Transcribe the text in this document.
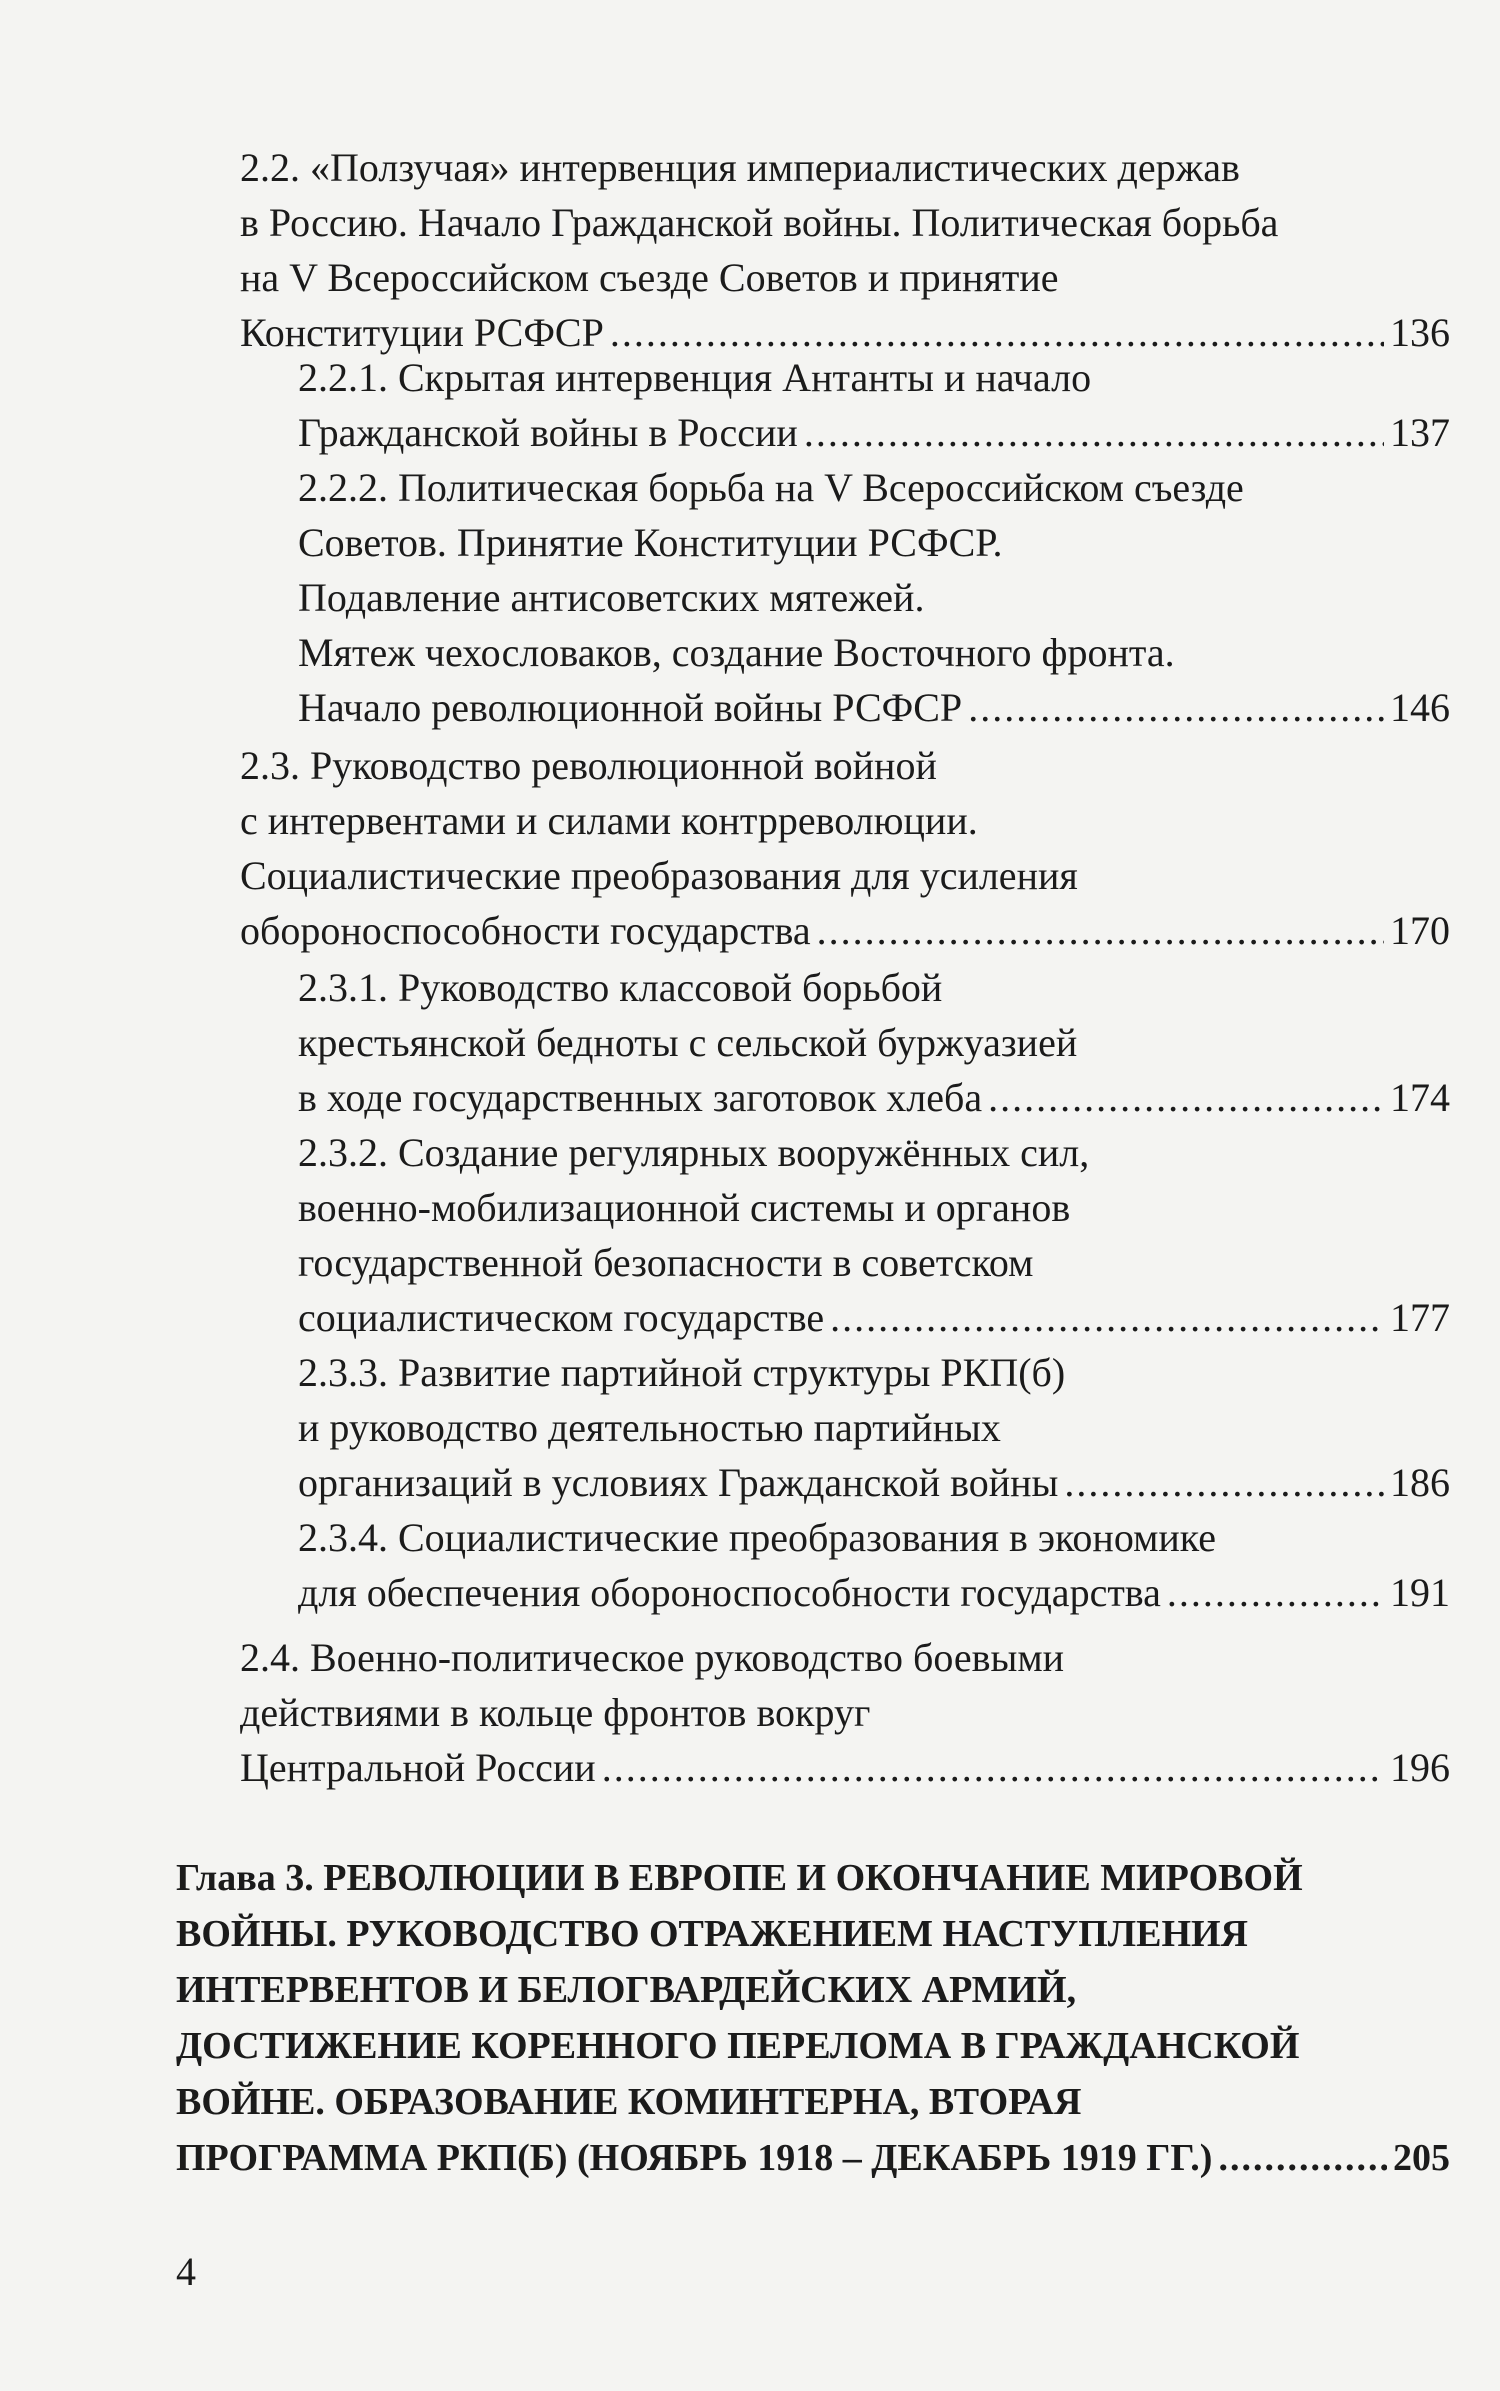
2.2. «Ползучая» интервенция империалистических держав
в Россию. Начало Гражданской войны. Политическая борьба
на V Всероссийском съезде Советов и принятие
Конституции РСФСР .....	136
2.2.1. Скрытая интервенция Антанты и начало
Гражданской войны в России .....	137
2.2.2. Политическая борьба на V Всероссийском съезде
Советов. Принятие Конституции РСФСР.
Подавление антисоветских мятежей.
Мятеж чехословаков, создание Восточного фронта.
Начало революционной войны РСФСР .....	146
2.3. Руководство революционной войной
с интервентами и силами контрреволюции.
Социалистические преобразования для усиления
обороноспособности государства .....	170
2.3.1. Руководство классовой борьбой
крестьянской бедноты с сельской буржуазией
в ходе государственных заготовок хлеба .....	174
2.3.2. Создание регулярных вооружённых сил,
военно-мобилизационной системы и органов
государственной безопасности в советском
социалистическом государстве .....	177
2.3.3. Развитие партийной структуры РКП(б)
и руководство деятельностью партийных
организаций в условиях Гражданской войны .....	186
2.3.4. Социалистические преобразования в экономике
для обеспечения обороноспособности государства .....	191
2.4. Военно-политическое руководство боевыми
действиями в кольце фронтов вокруг
Центральной России .....	196
Глава 3. РЕВОЛЮЦИИ В ЕВРОПЕ И ОКОНЧАНИЕ МИРОВОЙ
ВОЙНЫ. РУКОВОДСТВО ОТРАЖЕНИЕМ НАСТУПЛЕНИЯ
ИНТЕРВЕНТОВ И БЕЛОГВАРДЕЙСКИХ АРМИЙ,
ДОСТИЖЕНИЕ КОРЕННОГО ПЕРЕЛОМА В ГРАЖДАНСКОЙ
ВОЙНЕ. ОБРАЗОВАНИЕ КОМИНТЕРНА, ВТОРАЯ
ПРОГРАММА РКП(Б) (НОЯБРЬ 1918 – ДЕКАБРЬ 1919 ГГ.) .....	205
4
